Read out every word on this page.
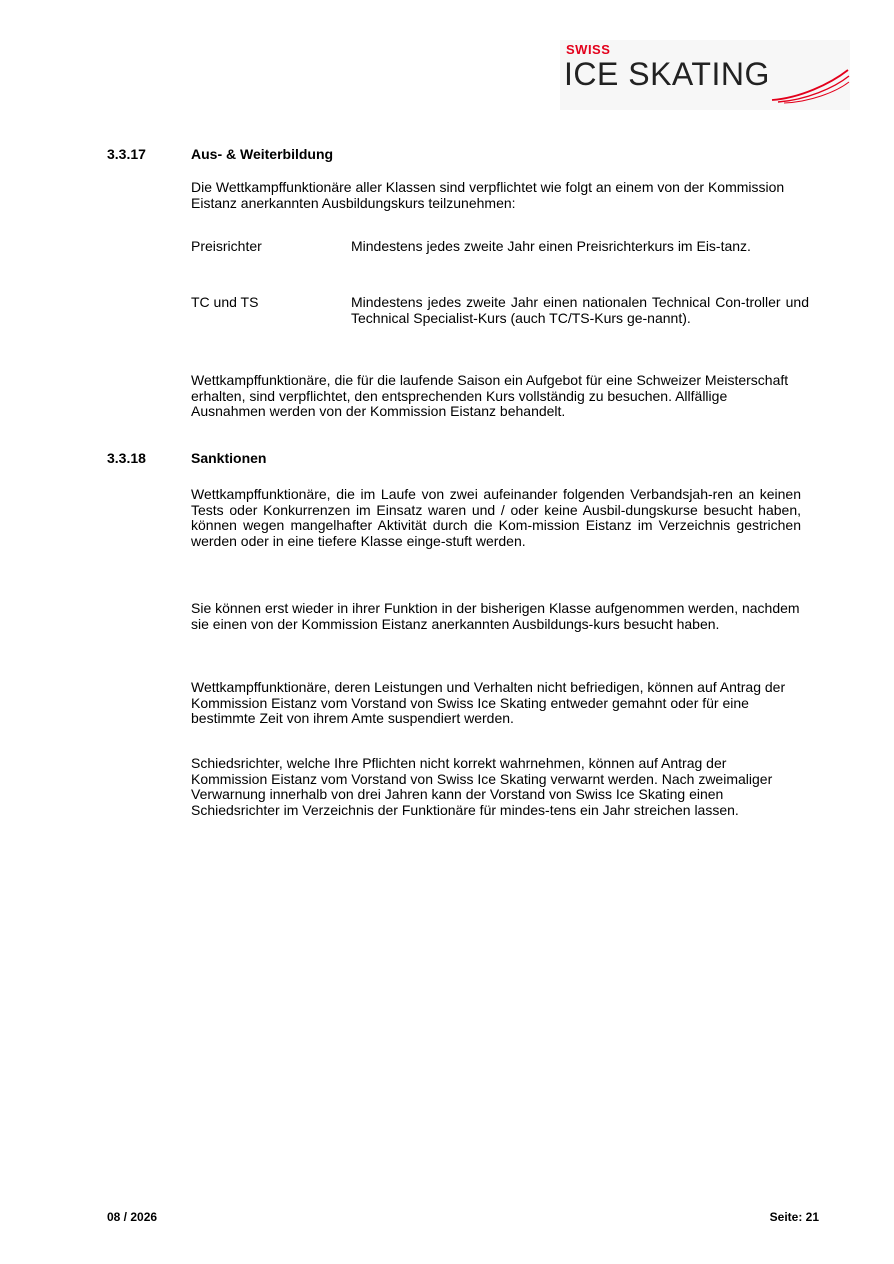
SWISS
ICE SKATING
3.3.17	Aus- & Weiterbildung
Die Wettkampffunktionäre aller Klassen sind verpflichtet wie folgt an einem von der Kommission Eistanz anerkannten Ausbildungskurs teilzunehmen:
Preisrichter	Mindestens jedes zweite Jahr einen Preisrichterkurs im Eis-tanz.
TC und TS	Mindestens jedes zweite Jahr einen nationalen Technical Con-troller und Technical Specialist-Kurs (auch TC/TS-Kurs ge-nannt).
Wettkampffunktionäre, die für die laufende Saison ein Aufgebot für eine Schweizer Meisterschaft erhalten, sind verpflichtet, den entsprechenden Kurs vollständig zu besuchen. Allfällige Ausnahmen werden von der Kommission Eistanz behandelt.
3.3.18	Sanktionen
Wettkampffunktionäre, die im Laufe von zwei aufeinander folgenden Verbandsjah-ren an keinen Tests oder Konkurrenzen im Einsatz waren und / oder keine Ausbil-dungskurse besucht haben, können wegen mangelhafter Aktivität durch die Kom-mission Eistanz im Verzeichnis gestrichen werden oder in eine tiefere Klasse einge-stuft werden.
Sie können erst wieder in ihrer Funktion in der bisherigen Klasse aufgenommen werden, nachdem sie einen von der Kommission Eistanz anerkannten Ausbildungs-kurs besucht haben.
Wettkampffunktionäre, deren Leistungen und Verhalten nicht befriedigen, können auf Antrag der Kommission Eistanz vom Vorstand von Swiss Ice Skating entweder gemahnt oder für eine bestimmte Zeit von ihrem Amte suspendiert werden.
Schiedsrichter, welche Ihre Pflichten nicht korrekt wahrnehmen, können auf Antrag der Kommission Eistanz vom Vorstand von Swiss Ice Skating verwarnt werden. Nach zweimaliger Verwarnung innerhalb von drei Jahren kann der Vorstand von Swiss Ice Skating einen Schiedsrichter im Verzeichnis der Funktionäre für mindes-tens ein Jahr streichen lassen.
08 / 2026	Seite: 21
